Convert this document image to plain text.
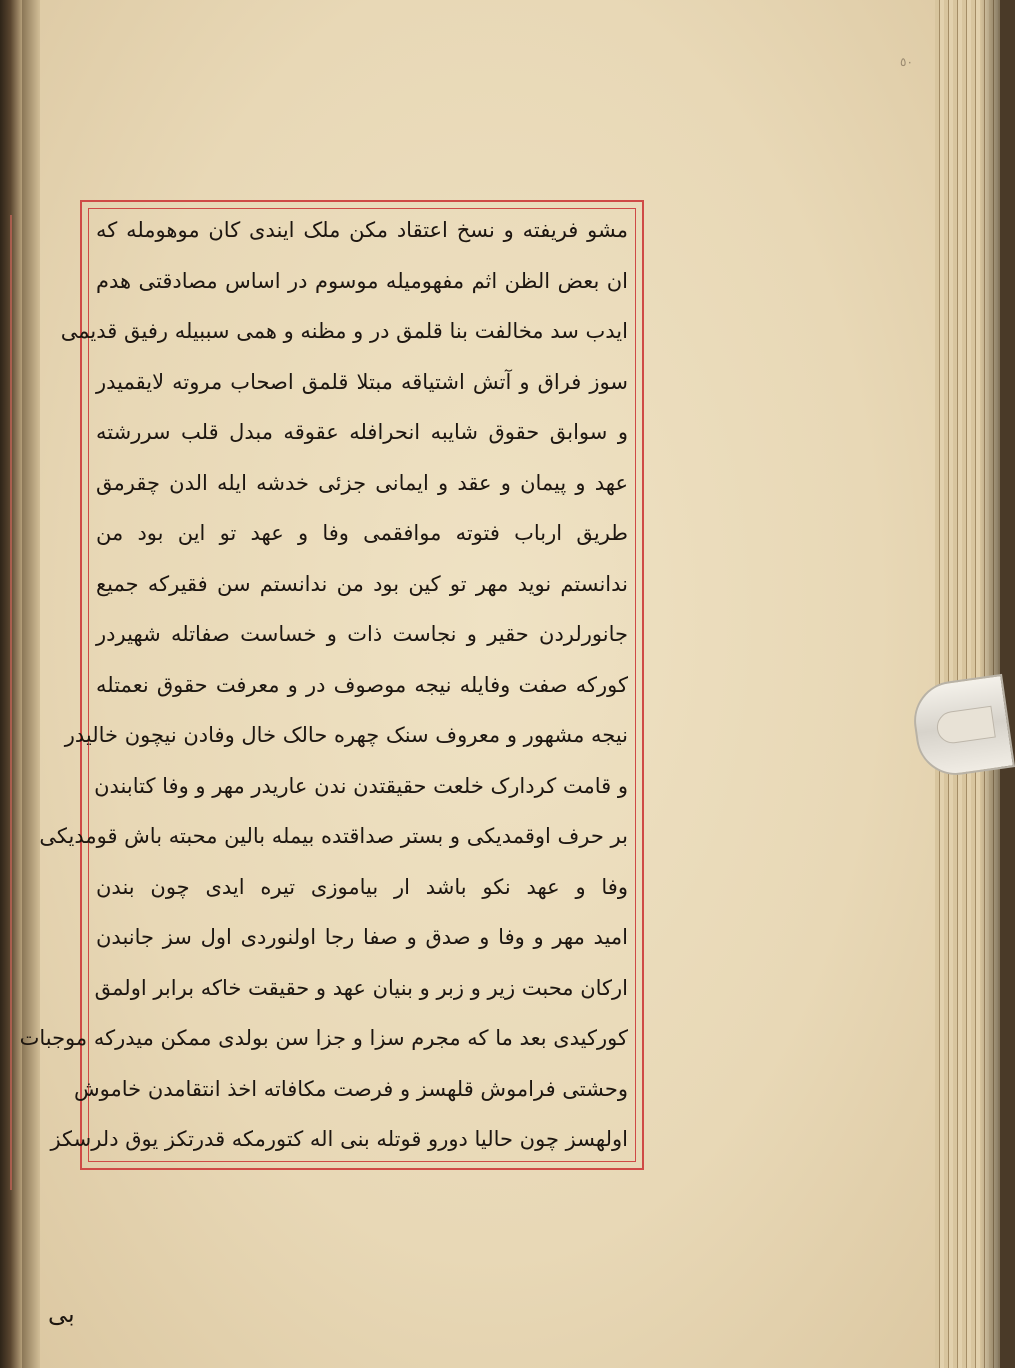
٥٠
مشو فریفته و نسخ اعتقاد مکن ملک ایندی کان موهومله که
ان بعض الظن اثم مفهومیله موسوم در اساس مصادقتی هدم
ایدب سد مخالفت بنا قلمق در و مظنه و همی سببیله رفیق قدیمی
سوز فراق و آتش اشتیاقه مبتلا قلمق اصحاب مروته لایقمیدر
و سوابق حقوق شایبه انحرافله عقوقه مبدل قلب سررشته
عهد و پیمان و عقد و ایمانی جزئی خدشه ایله الدن چقرمق
طریق ارباب فتوته موافقمی وفا و عهد تو این بود من
ندانستم نوید مهر تو کین بود من ندانستم سن فقیرکه جمیع
جانورلردن حقیر و نجاست ذات و خساست صفاتله شهیردر
کورکه صفت وفایله نیجه موصوف در و معرفت حقوق نعمتله
نیجه مشهور و معروف سنک چهره حالک خال وفادن نیچون خالیدر
و قامت کردارک خلعت حقیقتدن ندن عاریدر مهر و وفا کتابندن
بر حرف اوقمدیکی و بستر صداقتده بیمله بالین محبته باش قومدیکی
وفا و عهد نکو باشد ار بیاموزی تیره ایدی چون بندن
امید مهر و وفا و صدق و صفا رجا اولنوردی اول سز جانبدن
ارکان محبت زیر و زبر و بنیان عهد و حقیقت خاکه برابر اولمق
کورکیدی بعد ما که مجرم سزا و جزا سن بولدی ممکن میدرکه موجبات
وحشتی فراموش قلهسز و فرصت مکافاته اخذ انتقامدن خاموش
اولهسز چون حالیا دورو قوتله بنی اله کتورمکه قدرتکز یوق دلرسکز
بی
